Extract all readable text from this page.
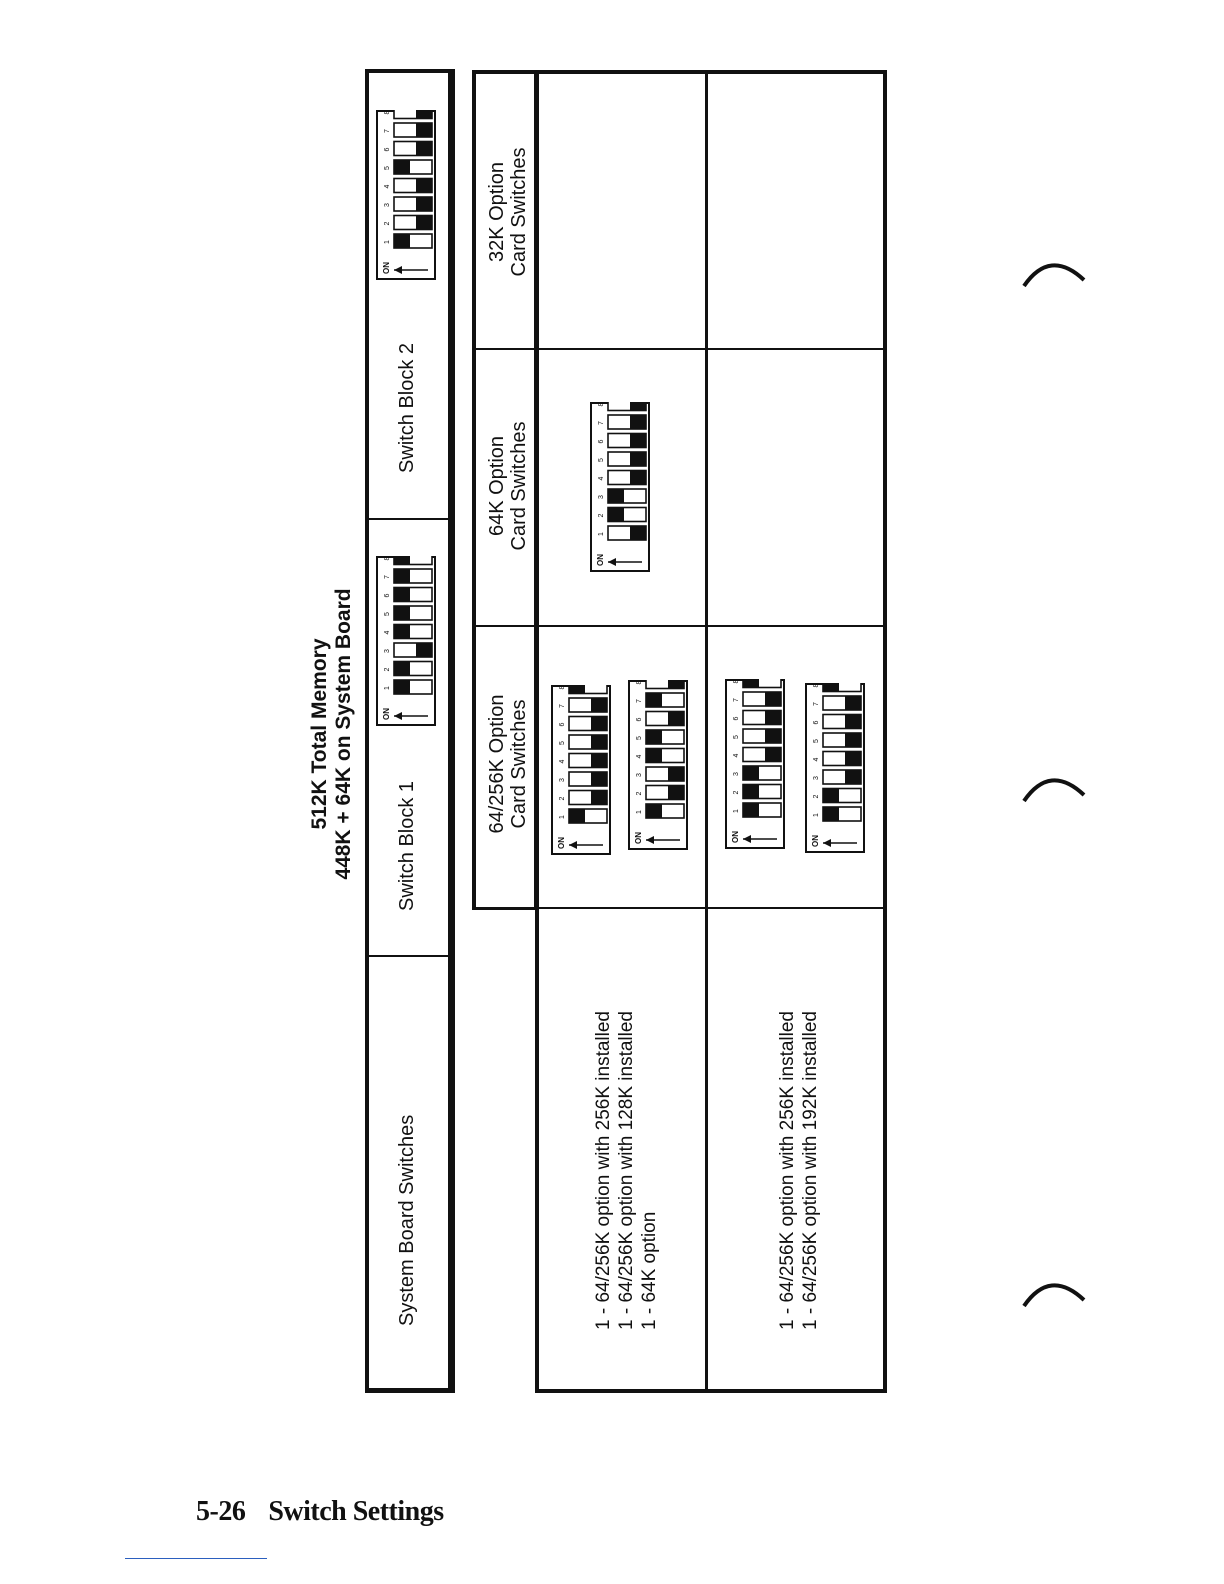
512K Total Memory 448K + 64K on System Board
System Board Switches
Switch Block 1
Switch Block 2
1
2
3
4
5
6
7
8
ON
1
2
3
4
5
6
7
8
ON
64/256K Option Card Switches
64K Option Card Switches
32K Option Card Switches
1 - 64/256K option with 256K installed 1 - 64/256K option with 128K installed 1 - 64K option	1 - 64/256K option with 256K installed 1 - 64/256K option with 192K installed
1
2
3
4
5
6
7
8
ON
1
2
3
4
5
6
7
8
ON
1
2
3
4
5
6
7
8
ON
1
2
3
4
5
6
7
8
ON
1
2
3
4
5
6
7
8
ON
5-26 Switch Settings
